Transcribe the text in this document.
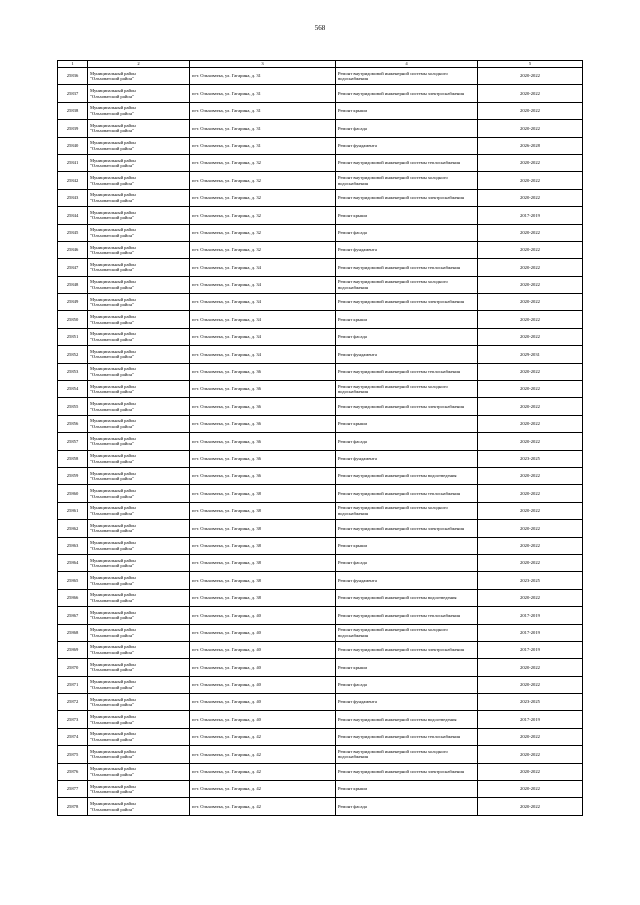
568
1	2	3	4	5
25836	Муниципальный район
"Ольховатский район"	пгт. Ольховатка, ул. Гагарина, д. 31	Ремонт внутридомовой инженерной системы холодного водоснабжения	2020-2022
25837	Муниципальный район
"Ольховатский район"	пгт. Ольховатка, ул. Гагарина, д. 31	Ремонт внутридомовой инженерной системы электроснабжения	2020-2022
25838	Муниципальный район
"Ольховатский район"	пгт. Ольховатка, ул. Гагарина, д. 31	Ремонт крыши	2020-2022
25839	Муниципальный район
"Ольховатский район"	пгт. Ольховатка, ул. Гагарина, д. 31	Ремонт фасада	2020-2022
25840	Муниципальный район
"Ольховатский район"	пгт. Ольховатка, ул. Гагарина, д. 31	Ремонт фундамента	2026-2028
25841	Муниципальный район
"Ольховатский район"	пгт. Ольховатка, ул. Гагарина, д. 32	Ремонт внутридомовой инженерной системы теплоснабжения	2020-2022
25842	Муниципальный район
"Ольховатский район"	пгт. Ольховатка, ул. Гагарина, д. 32	Ремонт внутридомовой инженерной системы холодного водоснабжения	2020-2022
25843	Муниципальный район
"Ольховатский район"	пгт. Ольховатка, ул. Гагарина, д. 32	Ремонт внутридомовой инженерной системы электроснабжения	2020-2022
25844	Муниципальный район
"Ольховатский район"	пгт. Ольховатка, ул. Гагарина, д. 32	Ремонт крыши	2017-2019
25845	Муниципальный район
"Ольховатский район"	пгт. Ольховатка, ул. Гагарина, д. 32	Ремонт фасада	2020-2022
25846	Муниципальный район
"Ольховатский район"	пгт. Ольховатка, ул. Гагарина, д. 32	Ремонт фундамента	2020-2022
25847	Муниципальный район
"Ольховатский район"	пгт. Ольховатка, ул. Гагарина, д. 34	Ремонт внутридомовой инженерной системы теплоснабжения	2020-2022
25848	Муниципальный район
"Ольховатский район"	пгт. Ольховатка, ул. Гагарина, д. 34	Ремонт внутридомовой инженерной системы холодного водоснабжения	2020-2022
25849	Муниципальный район
"Ольховатский район"	пгт. Ольховатка, ул. Гагарина, д. 34	Ремонт внутридомовой инженерной системы электроснабжения	2020-2022
25850	Муниципальный район
"Ольховатский район"	пгт. Ольховатка, ул. Гагарина, д. 34	Ремонт крыши	2020-2022
25851	Муниципальный район
"Ольховатский район"	пгт. Ольховатка, ул. Гагарина, д. 34	Ремонт фасада	2020-2022
25852	Муниципальный район
"Ольховатский район"	пгт. Ольховатка, ул. Гагарина, д. 34	Ремонт фундамента	2029-2031
25853	Муниципальный район
"Ольховатский район"	пгт. Ольховатка, ул. Гагарина, д. 36	Ремонт внутридомовой инженерной системы теплоснабжения	2020-2022
25854	Муниципальный район
"Ольховатский район"	пгт. Ольховатка, ул. Гагарина, д. 36	Ремонт внутридомовой инженерной системы холодного водоснабжения	2020-2022
25855	Муниципальный район
"Ольховатский район"	пгт. Ольховатка, ул. Гагарина, д. 36	Ремонт внутридомовой инженерной системы электроснабжения	2020-2022
25856	Муниципальный район
"Ольховатский район"	пгт. Ольховатка, ул. Гагарина, д. 36	Ремонт крыши	2020-2022
25857	Муниципальный район
"Ольховатский район"	пгт. Ольховатка, ул. Гагарина, д. 36	Ремонт фасада	2020-2022
25858	Муниципальный район
"Ольховатский район"	пгт. Ольховатка, ул. Гагарина, д. 36	Ремонт фундамента	2023-2025
25859	Муниципальный район
"Ольховатский район"	пгт. Ольховатка, ул. Гагарина, д. 36	Ремонт внутридомовой инженерной системы водоотведения	2020-2022
25860	Муниципальный район
"Ольховатский район"	пгт. Ольховатка, ул. Гагарина, д. 38	Ремонт внутридомовой инженерной системы теплоснабжения	2020-2022
25861	Муниципальный район
"Ольховатский район"	пгт. Ольховатка, ул. Гагарина, д. 38	Ремонт внутридомовой инженерной системы холодного водоснабжения	2020-2022
25862	Муниципальный район
"Ольховатский район"	пгт. Ольховатка, ул. Гагарина, д. 38	Ремонт внутридомовой инженерной системы электроснабжения	2020-2022
25863	Муниципальный район
"Ольховатский район"	пгт. Ольховатка, ул. Гагарина, д. 38	Ремонт крыши	2020-2022
25864	Муниципальный район
"Ольховатский район"	пгт. Ольховатка, ул. Гагарина, д. 38	Ремонт фасада	2020-2022
25865	Муниципальный район
"Ольховатский район"	пгт. Ольховатка, ул. Гагарина, д. 38	Ремонт фундамента	2023-2025
25866	Муниципальный район
"Ольховатский район"	пгт. Ольховатка, ул. Гагарина, д. 38	Ремонт внутридомовой инженерной системы водоотведения	2020-2022
25867	Муниципальный район
"Ольховатский район"	пгт. Ольховатка, ул. Гагарина, д. 40	Ремонт внутридомовой инженерной системы теплоснабжения	2017-2019
25868	Муниципальный район
"Ольховатский район"	пгт. Ольховатка, ул. Гагарина, д. 40	Ремонт внутридомовой инженерной системы холодного водоснабжения	2017-2019
25869	Муниципальный район
"Ольховатский район"	пгт. Ольховатка, ул. Гагарина, д. 40	Ремонт внутридомовой инженерной системы электроснабжения	2017-2019
25870	Муниципальный район
"Ольховатский район"	пгт. Ольховатка, ул. Гагарина, д. 40	Ремонт крыши	2020-2022
25871	Муниципальный район
"Ольховатский район"	пгт. Ольховатка, ул. Гагарина, д. 40	Ремонт фасада	2020-2022
25872	Муниципальный район
"Ольховатский район"	пгт. Ольховатка, ул. Гагарина, д. 40	Ремонт фундамента	2023-2025
25873	Муниципальный район
"Ольховатский район"	пгт. Ольховатка, ул. Гагарина, д. 40	Ремонт внутридомовой инженерной системы водоотведения	2017-2019
25874	Муниципальный район
"Ольховатский район"	пгт. Ольховатка, ул. Гагарина, д. 42	Ремонт внутридомовой инженерной системы теплоснабжения	2020-2022
25875	Муниципальный район
"Ольховатский район"	пгт. Ольховатка, ул. Гагарина, д. 42	Ремонт внутридомовой инженерной системы холодного водоснабжения	2020-2022
25876	Муниципальный район
"Ольховатский район"	пгт. Ольховатка, ул. Гагарина, д. 42	Ремонт внутридомовой инженерной системы электроснабжения	2020-2022
25877	Муниципальный район
"Ольховатский район"	пгт. Ольховатка, ул. Гагарина, д. 42	Ремонт крыши	2020-2022
25878	Муниципальный район
"Ольховатский район"	пгт. Ольховатка, ул. Гагарина, д. 42	Ремонт фасада	2020-2022
